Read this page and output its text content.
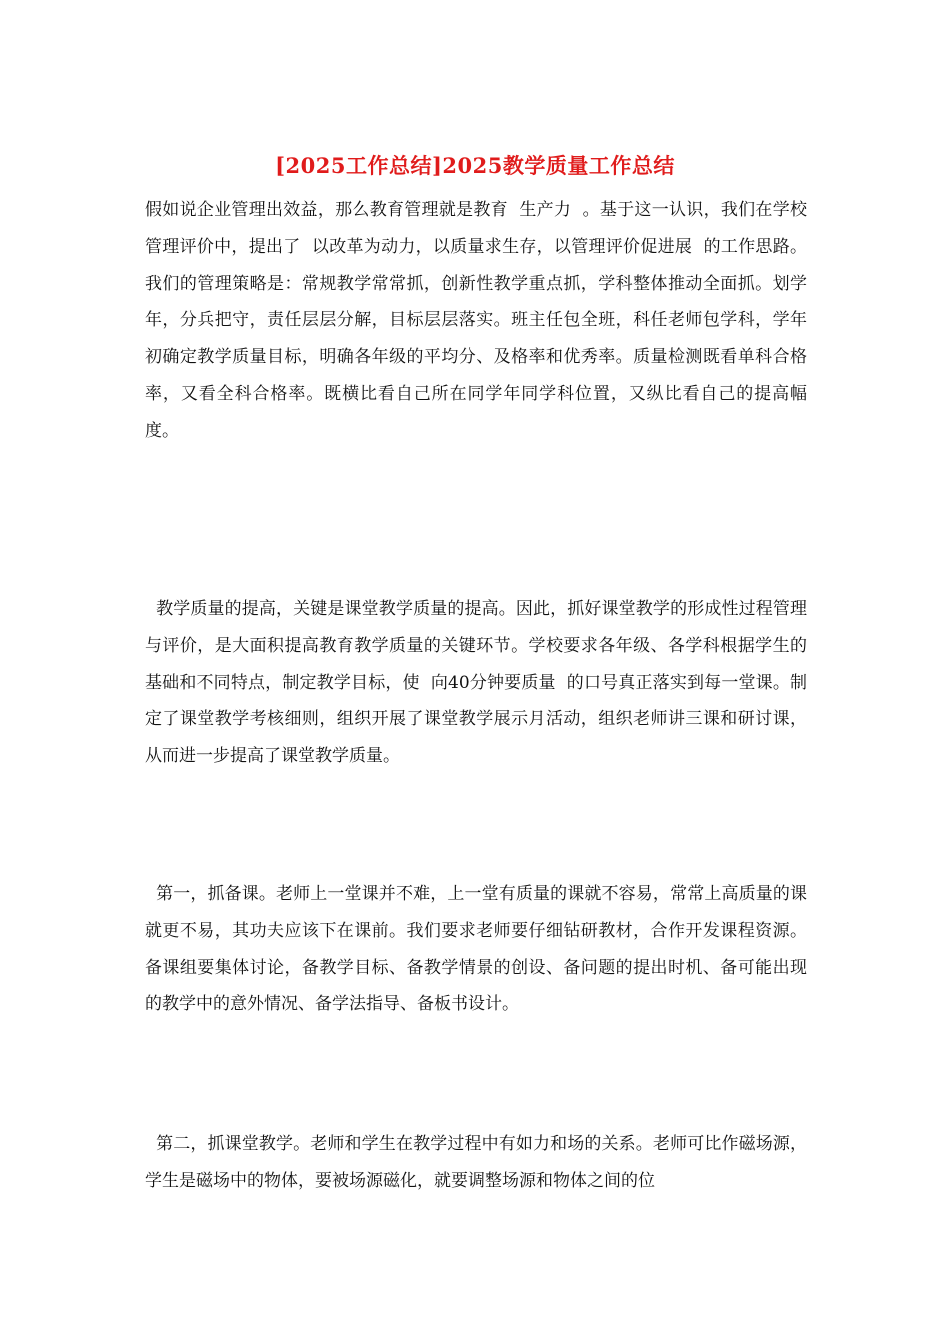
[2025工作总结]2025教学质量工作总结

假如说企业管理出效益，那么教育管理就是教育  生产力  。基于这一认识，我们在学校管理评价中，提出了  以改革为动力，以质量求生存，以管理评价促进展  的工作思路。我们的管理策略是：常规教学常常抓，创新性教学重点抓，学科整体推动全面抓。划学年，分兵把守，责任层层分解，目标层层落实。班主任包全班，科任老师包学科，学年初确定教学质量目标，明确各年级的平均分、及格率和优秀率。质量检测既看单科合格率，又看全科合格率。既横比看自己所在同学年同学科位置，又纵比看自己的提高幅度。

教学质量的提高，关键是课堂教学质量的提高。因此，抓好课堂教学的形成性过程管理与评价，是大面积提高教育教学质量的关键环节。学校要求各年级、各学科根据学生的基础和不同特点，制定教学目标，使  向40分钟要质量  的口号真正落实到每一堂课。制定了课堂教学考核细则，组织开展了课堂教学展示月活动，组织老师讲三课和研讨课，从而进一步提高了课堂教学质量。

第一，抓备课。老师上一堂课并不难，上一堂有质量的课就不容易，常常上高质量的课就更不易，其功夫应该下在课前。我们要求老师要仔细钻研教材，合作开发课程资源。备课组要集体讨论，备教学目标、备教学情景的创设、备问题的提出时机、备可能出现的教学中的意外情况、备学法指导、备板书设计。

第二，抓课堂教学。老师和学生在教学过程中有如力和场的关系。老师可比作磁场源，学生是磁场中的物体，要被场源磁化，就要调整场源和物体之间的位
